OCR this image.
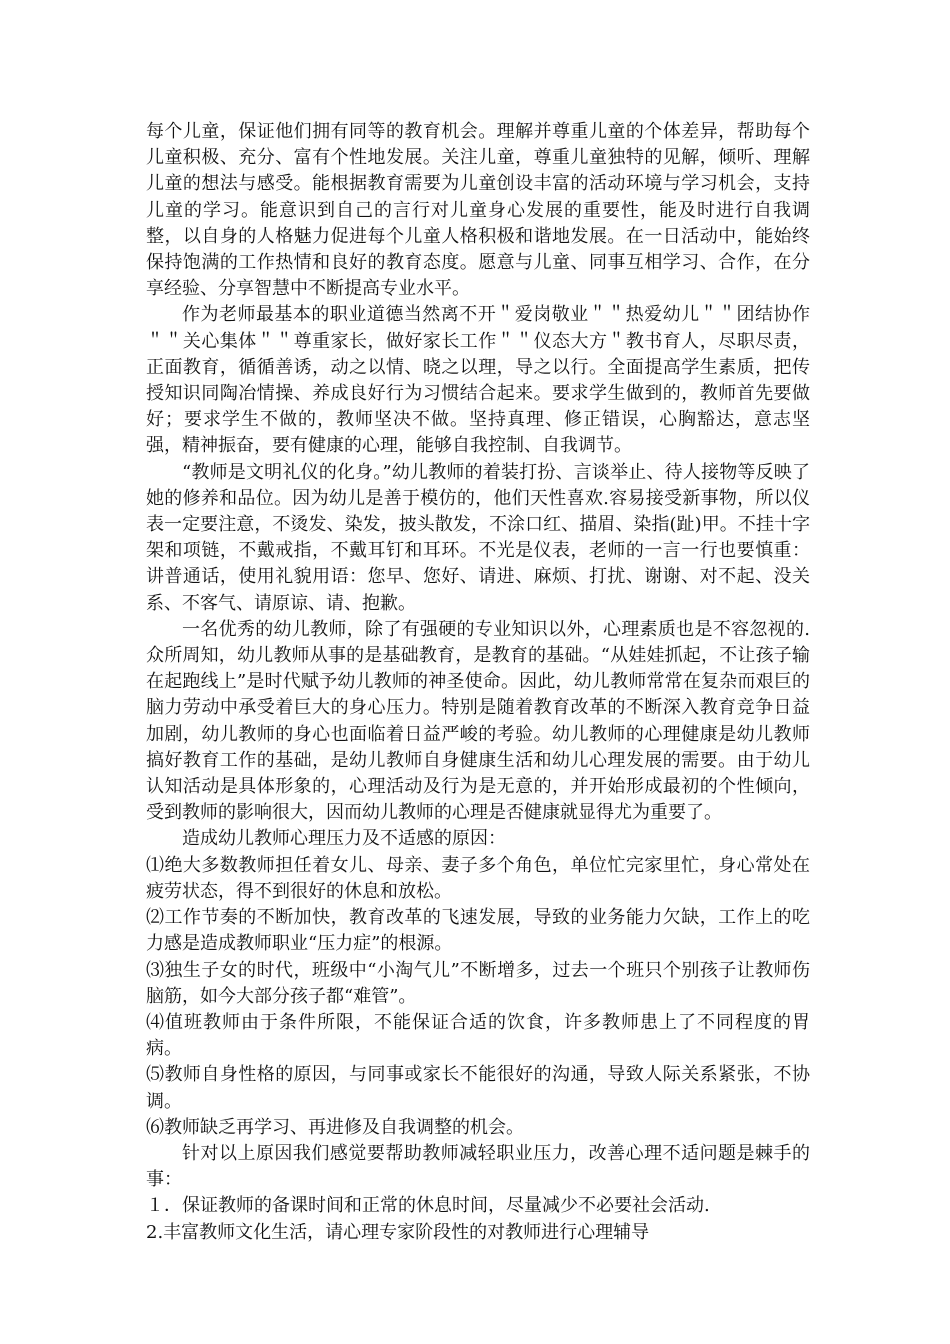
每个儿童，保证他们拥有同等的教育机会。理解并尊重儿童的个体差异，帮助每个儿童积极、充分、富有个性地发展。关注儿童，尊重儿童独特的见解，倾听、理解儿童的想法与感受。能根据教育需要为儿童创设丰富的活动环境与学习机会，支持儿童的学习。能意识到自己的言行对儿童身心发展的重要性，能及时进行自我调整，以自身的人格魅力促进每个儿童人格积极和谐地发展。在一日活动中，能始终保持饱满的工作热情和良好的教育态度。愿意与儿童、同事互相学习、合作，在分享经验、分享智慧中不断提高专业水平。

作为老师最基本的职业道德当然离不开＂爱岗敬业＂＂热爱幼儿＂＂团结协作＂＂关心集体＂＂尊重家长，做好家长工作＂＂仪态大方＂教书育人，尽职尽责，正面教育，循循善诱，动之以情、晓之以理，导之以行。全面提高学生素质，把传授知识同陶冶情操、养成良好行为习惯结合起来。要求学生做到的，教师首先要做好；要求学生不做的，教师坚决不做。坚持真理、修正错误，心胸豁达，意志坚强，精神振奋，要有健康的心理，能够自我控制、自我调节。

“教师是文明礼仪的化身。”幼儿教师的着装打扮、言谈举止、待人接物等反映了她的修养和品位。因为幼儿是善于模仿的，他们天性喜欢.容易接受新事物，所以仪表一定要注意，不烫发、染发，披头散发，不涂口红、描眉、染指(趾)甲。不挂十字架和项链，不戴戒指，不戴耳钉和耳环。不光是仪表，老师的一言一行也要慎重：讲普通话，使用礼貌用语：您早、您好、请进、麻烦、打扰、谢谢、对不起、没关系、不客气、请原谅、请、抱歉。

一名优秀的幼儿教师，除了有强硬的专业知识以外，心理素质也是不容忽视的.众所周知，幼儿教师从事的是基础教育，是教育的基础。“从娃娃抓起，不让孩子输在起跑线上”是时代赋予幼儿教师的神圣使命。因此，幼儿教师常常在复杂而艰巨的脑力劳动中承受着巨大的身心压力。特别是随着教育改革的不断深入教育竞争日益加剧，幼儿教师的身心也面临着日益严峻的考验。幼儿教师的心理健康是幼儿教师搞好教育工作的基础，是幼儿教师自身健康生活和幼儿心理发展的需要。由于幼儿认知活动是具体形象的，心理活动及行为是无意的，并开始形成最初的个性倾向，受到教师的影响很大，因而幼儿教师的心理是否健康就显得尤为重要了。

造成幼儿教师心理压力及不适感的原因：

⑴绝大多数教师担任着女儿、母亲、妻子多个角色，单位忙完家里忙，身心常处在疲劳状态，得不到很好的休息和放松。

⑵工作节奏的不断加快，教育改革的飞速发展，导致的业务能力欠缺，工作上的吃力感是造成教师职业“压力症”的根源。

⑶独生子女的时代，班级中“小淘气儿”不断增多，过去一个班只个别孩子让教师伤脑筋，如今大部分孩子都“难管”。

⑷值班教师由于条件所限，不能保证合适的饮食，许多教师患上了不同程度的胃病。

⑸教师自身性格的原因，与同事或家长不能很好的沟通，导致人际关系紧张，不协调。

⑹教师缺乏再学习、再进修及自我调整的机会。

针对以上原因我们感觉要帮助教师减轻职业压力，改善心理不适问题是棘手的事：

１．保证教师的备课时间和正常的休息时间，尽量减少不必要社会活动.

2.丰富教师文化生活，请心理专家阶段性的对教师进行心理辅导
